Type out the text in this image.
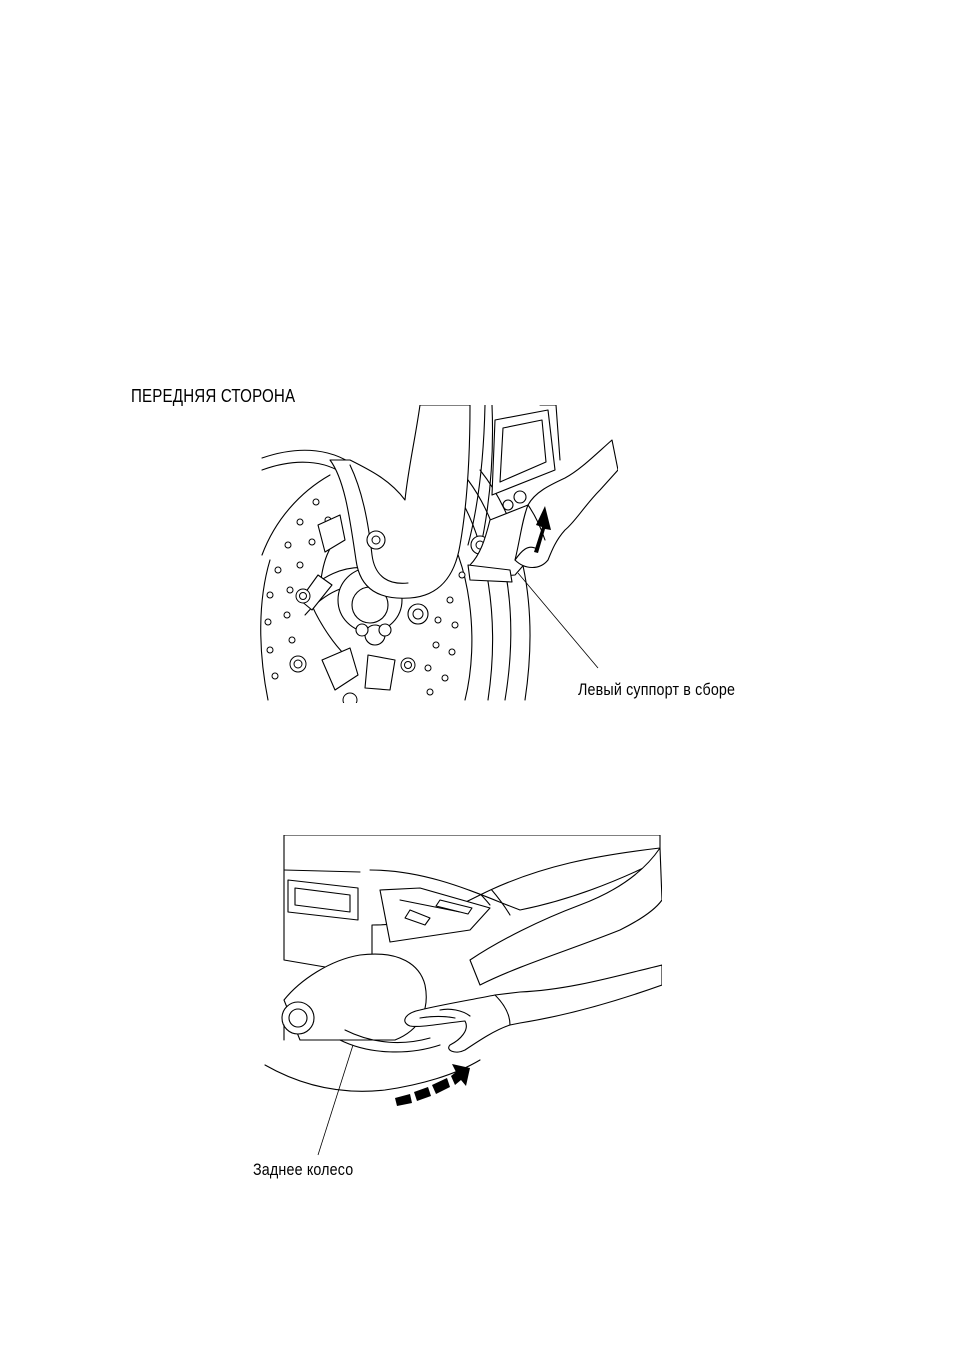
ПЕРЕДНЯЯ СТОРОНА
Левый суппорт в сборе
Заднее колесо
